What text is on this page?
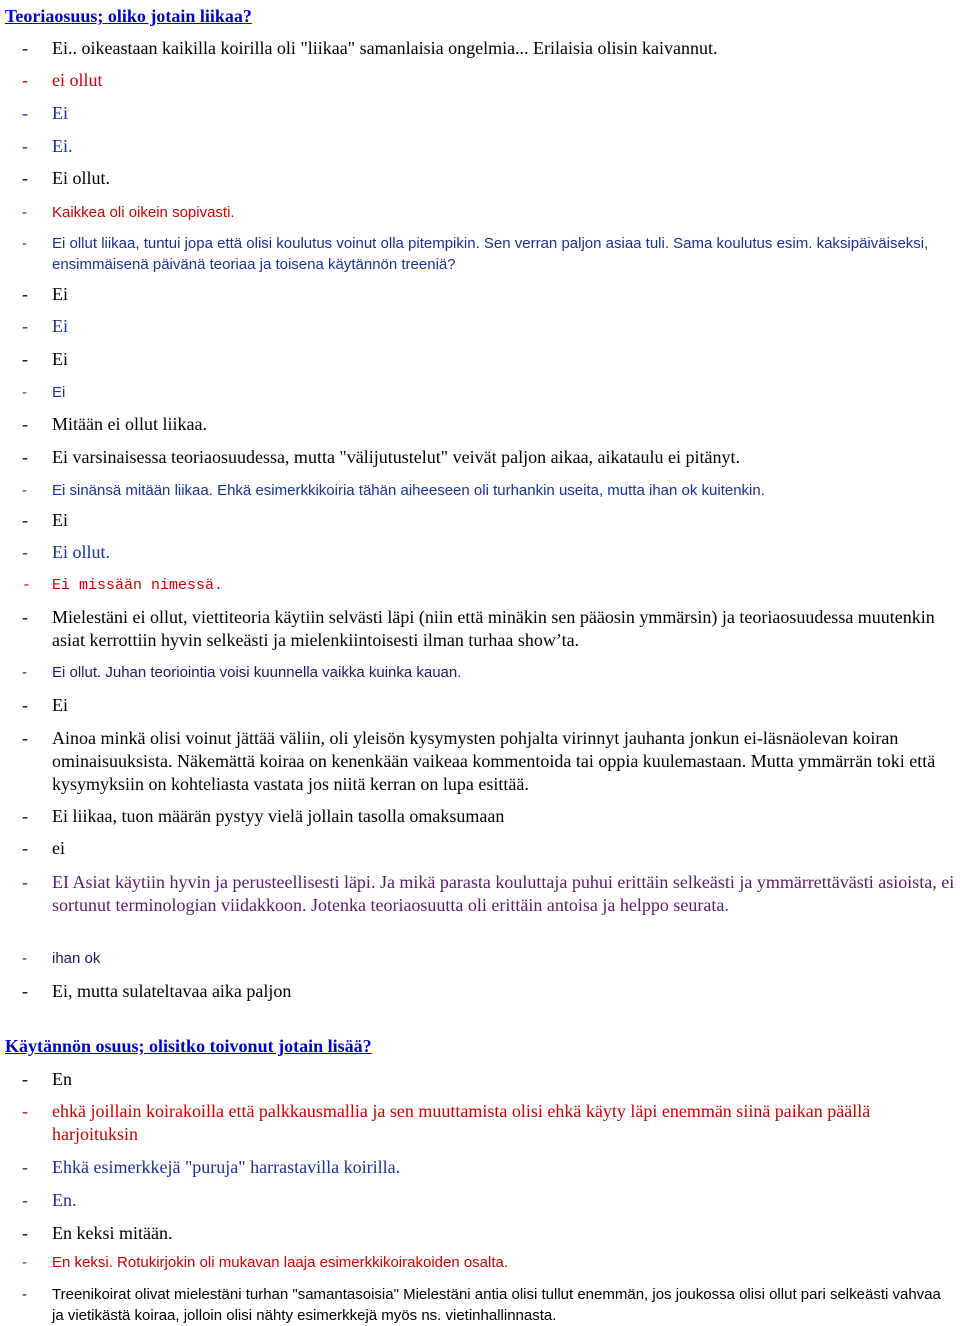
Teoriaosuus; oliko jotain liikaa?
-	Ei.. oikeastaan kaikilla koirilla oli "liikaa" samanlaisia ongelmia... Erilaisia olisin kaivannut.
-	ei ollut
-	Ei
-	Ei.
-	Ei ollut.
-	Kaikkea oli oikein sopivasti.
-	Ei ollut liikaa, tuntui jopa että olisi koulutus voinut olla pitempikin. Sen verran paljon asiaa tuli. Sama koulutus esim. kaksipäiväiseksi, ensimmäisenä päivänä teoriaa ja toisena käytännön treeniä?
-	Ei
-	Ei
-	Ei
-	Ei
-	Mitään ei ollut liikaa.
-	Ei varsinaisessa teoriaosuudessa, mutta "välijutustelut" veivät paljon aikaa, aikataulu ei pitänyt.
-	Ei sinänsä mitään liikaa. Ehkä esimerkkikoiria tähän aiheeseen oli turhankin useita, mutta ihan ok kuitenkin.
-	Ei
-	Ei ollut.
-	Ei missään nimessä.
-	Mielestäni ei ollut, viettiteoria käytiin selvästi läpi (niin että minäkin sen pääosin ymmärsin) ja teoriaosuudessa muutenkin asiat kerrottiin hyvin selkeästi ja mielenkiintoisesti ilman turhaa show’ta.
-	Ei ollut. Juhan teoriointia voisi kuunnella vaikka kuinka kauan.
-	Ei
-	Ainoa minkä olisi voinut jättää väliin, oli yleisön kysymysten pohjalta virinnyt jauhanta jonkun ei-läsnäolevan koiran ominaisuuksista. Näkemättä koiraa on kenenkään vaikeaa kommentoida tai oppia kuulemastaan. Mutta ymmärrän toki että kysymyksiin on kohteliasta vastata jos niitä kerran on lupa esittää.
-	Ei liikaa, tuon määrän pystyy vielä jollain tasolla omaksumaan
-	ei
-	EI Asiat käytiin hyvin ja perusteellisesti läpi. Ja mikä parasta kouluttaja puhui erittäin selkeästi ja ymmärrettävästi asioista, ei sortunut terminologian viidakkoon. Jotenka teoriaosuutta oli erittäin antoisa ja helppo seurata.
-	ihan ok
-	Ei, mutta sulateltavaa aika paljon
Käytännön osuus; olisitko toivonut jotain lisää?
-	En
-	ehkä joillain koirakoilla että palkkausmallia ja sen muuttamista olisi ehkä käyty läpi enemmän siinä paikan päällä harjoituksin
-	Ehkä esimerkkejä "puruja" harrastavilla koirilla.
-	En.
-	En keksi mitään.
-	En keksi. Rotukirjokin oli mukavan laaja esimerkkikoirakoiden osalta.
-	Treenikoirat olivat mielestäni turhan "samantasoisia" Mielestäni antia olisi tullut enemmän, jos joukossa olisi ollut pari selkeästi vahvaa ja vietikästä koiraa, jolloin olisi nähty esimerkkejä myös ns. vietinhallinnasta.
